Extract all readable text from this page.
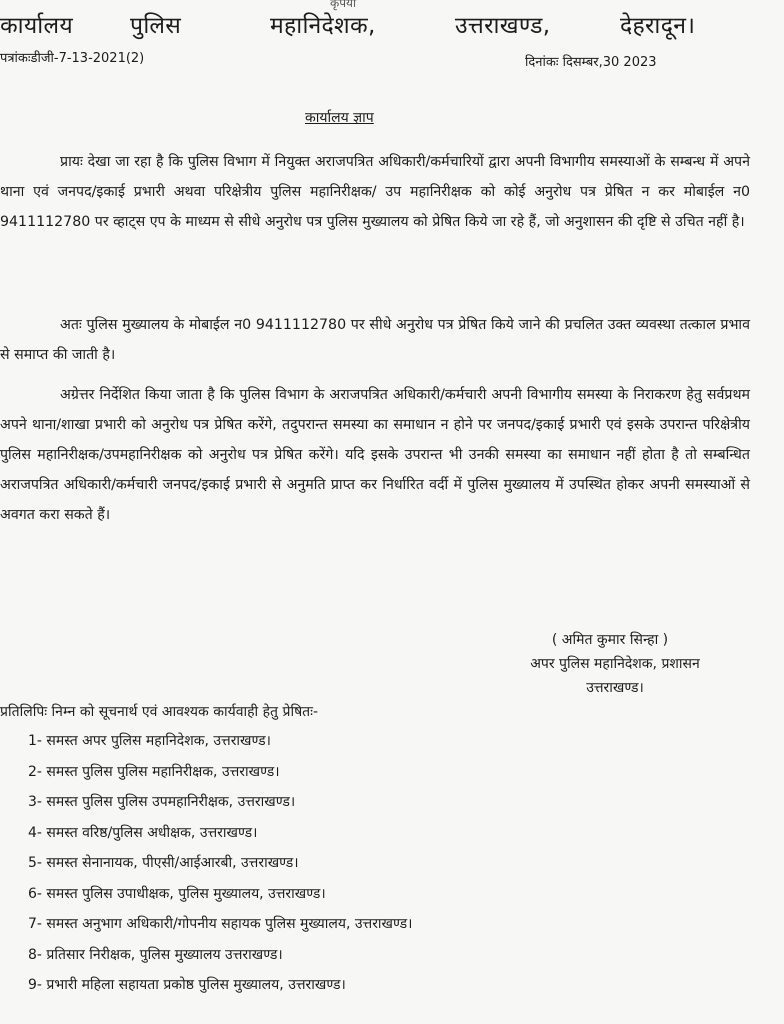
कृपया
कार्यालय पुलिस	महानिदेशक,	उत्तराखण्ड,	देहरादून।
पत्रांकःडीजी-7-13-2021(2)	दिनांकः दिसम्बर,30 2023
कार्यालय ज्ञाप

प्रायः देखा जा रहा है कि पुलिस विभाग में नियुक्त अराजपत्रित अधिकारी/कर्मचारियों द्वारा अपनी विभागीय समस्याओं के सम्बन्ध में अपने थाना एवं जनपद/इकाई प्रभारी अथवा परिक्षेत्रीय पुलिस महानिरीक्षक/ उप महानिरीक्षक को कोई अनुरोध पत्र प्रेषित न कर मोबाईल न0 9411112780 पर व्हाट्स एप के माध्यम से सीधे अनुरोध पत्र पुलिस मुख्यालय को प्रेषित किये जा रहे हैं, जो अनुशासन की दृष्टि से उचित नहीं है।

अतः पुलिस मुख्यालय के मोबाईल न0 9411112780 पर सीधे अनुरोध पत्र प्रेषित किये जाने की प्रचलित उक्त व्यवस्था तत्काल प्रभाव से समाप्त की जाती है।

अग्रेत्तर निर्देशित किया जाता है कि पुलिस विभाग के अराजपत्रित अधिकारी/कर्मचारी अपनी विभागीय समस्या के निराकरण हेतु सर्वप्रथम अपने थाना/शाखा प्रभारी को अनुरोध पत्र प्रेषित करेंगे, तदुपरान्त समस्या का समाधान न होने पर जनपद/इकाई प्रभारी एवं इसके उपरान्त परिक्षेत्रीय पुलिस महानिरीक्षक/उपमहानिरीक्षक को अनुरोध पत्र प्रेषित करेंगे। यदि इसके उपरान्त भी उनकी समस्या का समाधान नहीं होता है तो सम्बन्धित अराजपत्रित अधिकारी/कर्मचारी जनपद/इकाई प्रभारी से अनुमति प्राप्त कर निर्धारित वर्दी में पुलिस मुख्यालय में उपस्थित होकर अपनी समस्याओं से अवगत करा सकते हैं।

( अमित कुमार सिन्हा )
अपर पुलिस महानिदेशक, प्रशासन
उत्तराखण्ड।
प्रतिलिपिः निम्न को सूचनार्थ एवं आवश्यक कार्यवाही हेतु प्रेषितः-
1- समस्त अपर पुलिस महानिदेशक, उत्तराखण्ड।
2- समस्त पुलिस पुलिस महानिरीक्षक, उत्तराखण्ड।
3- समस्त पुलिस पुलिस उपमहानिरीक्षक, उत्तराखण्ड।
4- समस्त वरिष्ठ/पुलिस अधीक्षक, उत्तराखण्ड।
5- समस्त सेनानायक, पीएसी/आईआरबी, उत्तराखण्ड।
6- समस्त पुलिस उपाधीक्षक, पुलिस मुख्यालय, उत्तराखण्ड।
7- समस्त अनुभाग अधिकारी/गोपनीय सहायक पुलिस मुख्यालय, उत्तराखण्ड।
8- प्रतिसार निरीक्षक, पुलिस मुख्यालय उत्तराखण्ड।
9- प्रभारी महिला सहायता प्रकोष्ठ पुलिस मुख्यालय, उत्तराखण्ड।
